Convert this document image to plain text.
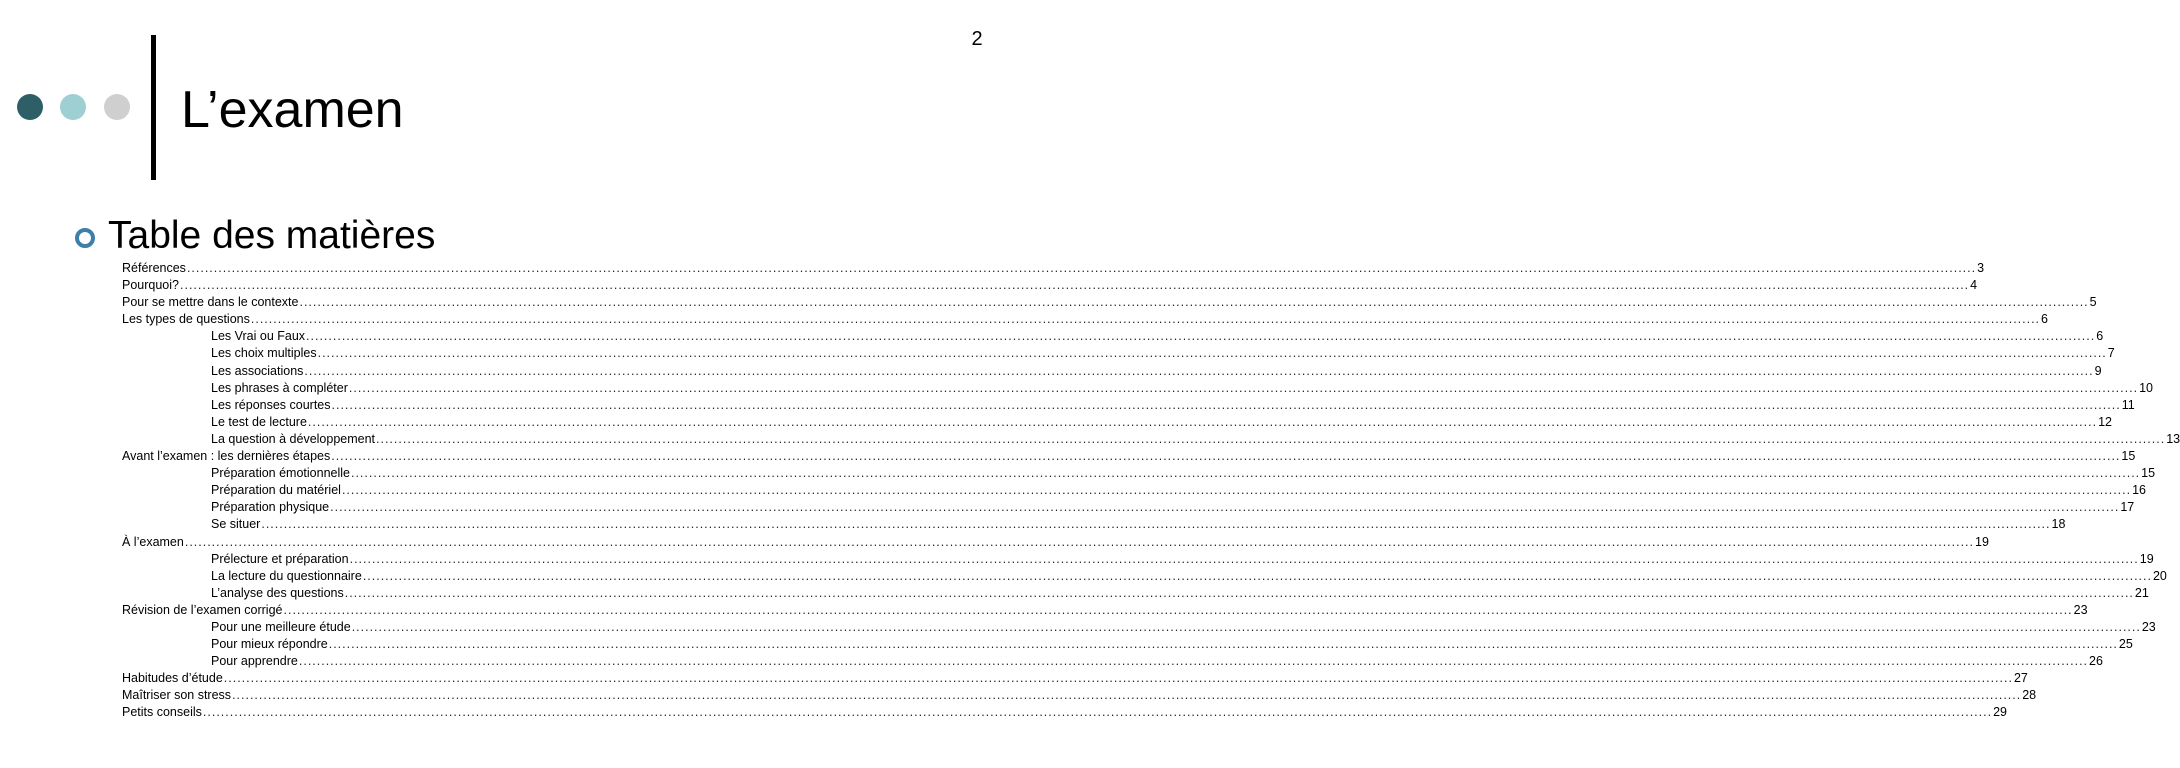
2
L’examen
Table des matières
Références ................................................................................................................................................................................................................................................................................................................................................................................................................ 3
Pourquoi? ................................................................................................................................................................................................................................................................................................................................................................................................................ 4
Pour se mettre dans le contexte ................................................................................................................................................................................................................................................................................................................................................................................................................ 5
Les types de questions ................................................................................................................................................................................................................................................................................................................................................................................................................ 6
Les Vrai ou Faux ................................................................................................................................................................................................................................................................................................................................................................................................................ 6
Les choix multiples ................................................................................................................................................................................................................................................................................................................................................................................................................ 7
Les associations ................................................................................................................................................................................................................................................................................................................................................................................................................ 9
Les phrases à compléter ................................................................................................................................................................................................................................................................................................................................................................................................................ 10
Les réponses courtes ................................................................................................................................................................................................................................................................................................................................................................................................................ 11
Le test de lecture ................................................................................................................................................................................................................................................................................................................................................................................................................ 12
La question à développement ................................................................................................................................................................................................................................................................................................................................................................................................................ 13
Avant l’examen : les dernières étapes ................................................................................................................................................................................................................................................................................................................................................................................................................ 15
Préparation émotionnelle ................................................................................................................................................................................................................................................................................................................................................................................................................ 15
Préparation du matériel ................................................................................................................................................................................................................................................................................................................................................................................................................ 16
Préparation physique ................................................................................................................................................................................................................................................................................................................................................................................................................ 17
Se situer ................................................................................................................................................................................................................................................................................................................................................................................................................ 18
À l’examen ................................................................................................................................................................................................................................................................................................................................................................................................................ 19
Prélecture et préparation ................................................................................................................................................................................................................................................................................................................................................................................................................ 19
La lecture du questionnaire ................................................................................................................................................................................................................................................................................................................................................................................................................ 20
L’analyse des questions ................................................................................................................................................................................................................................................................................................................................................................................................................ 21
Révision de l’examen corrigé ................................................................................................................................................................................................................................................................................................................................................................................................................ 23
Pour une meilleure étude ................................................................................................................................................................................................................................................................................................................................................................................................................ 23
Pour mieux répondre ................................................................................................................................................................................................................................................................................................................................................................................................................ 25
Pour apprendre ................................................................................................................................................................................................................................................................................................................................................................................................................ 26
Habitudes d’étude ................................................................................................................................................................................................................................................................................................................................................................................................................ 27
Maîtriser son stress ................................................................................................................................................................................................................................................................................................................................................................................................................ 28
Petits conseils ................................................................................................................................................................................................................................................................................................................................................................................................................ 29
